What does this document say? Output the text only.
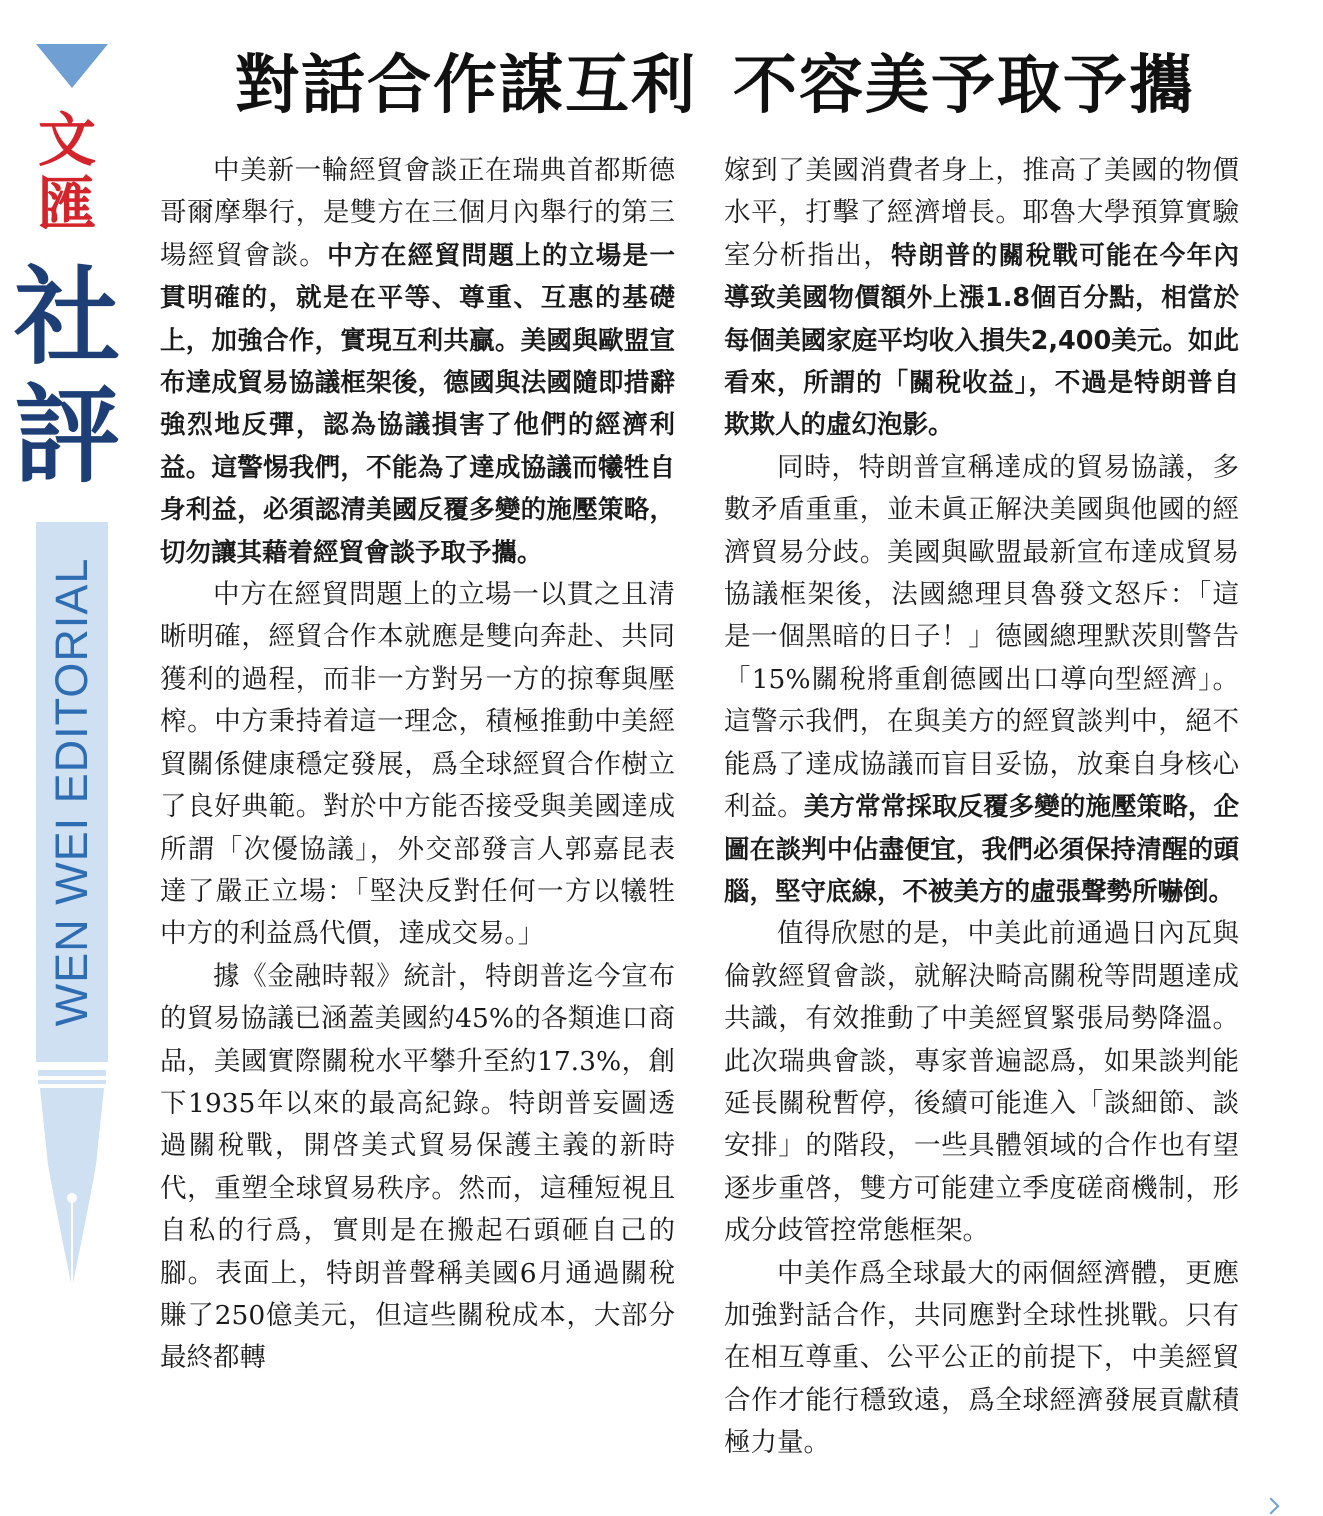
文
匯
社
評
WEN WEI EDITORIAL
對話合作謀互利 不容美予取予攜

中美新一輪經貿會談正在瑞典首都斯德哥爾摩舉行，是雙方在三個月內舉行的第三場經貿會談。中方在經貿問題上的立場是一貫明確的，就是在平等、尊重、互惠的基礎上，加強合作，實現互利共贏。美國與歐盟宣布達成貿易協議框架後，德國與法國隨即措辭強烈地反彈，認為協議損害了他們的經濟利益。這警惕我們，不能為了達成協議而犧牲自身利益，必須認清美國反覆多變的施壓策略，切勿讓其藉着經貿會談予取予攜。

中方在經貿問題上的立場一以貫之且清晰明確，經貿合作本就應是雙向奔赴、共同獲利的過程，而非一方對另一方的掠奪與壓榨。中方秉持着這一理念，積極推動中美經貿關係健康穩定發展，爲全球經貿合作樹立了良好典範。對於中方能否接受與美國達成所謂「次優協議」，外交部發言人郭嘉昆表達了嚴正立場：「堅決反對任何一方以犧牲中方的利益爲代價，達成交易。」

據《金融時報》統計，特朗普迄今宣布的貿易協議已涵蓋美國約45%的各類進口商品，美國實際關稅水平攀升至約17.3%，創下1935年以來的最高紀錄。特朗普妄圖透過關稅戰，開啓美式貿易保護主義的新時代，重塑全球貿易秩序。然而，這種短視且自私的行爲，實則是在搬起石頭砸自己的腳。表面上，特朗普聲稱美國6月通過關稅賺了250億美元，但這些關稅成本，大部分最終都轉

嫁到了美國消費者身上，推高了美國的物價水平，打擊了經濟增長。耶魯大學預算實驗室分析指出，特朗普的關稅戰可能在今年內導致美國物價額外上漲1.8個百分點，相當於每個美國家庭平均收入損失2,400美元。如此看來，所謂的「關稅收益」，不過是特朗普自欺欺人的虛幻泡影。

同時，特朗普宣稱達成的貿易協議，多數矛盾重重，並未眞正解決美國與他國的經濟貿易分歧。美國與歐盟最新宣布達成貿易協議框架後，法國總理貝魯發文怒斥：「這是一個黑暗的日子！」德國總理默茨則警告「15%關稅將重創德國出口導向型經濟」。這警示我們，在與美方的經貿談判中，絕不能爲了達成協議而盲目妥協，放棄自身核心利益。美方常常採取反覆多變的施壓策略，企圖在談判中佔盡便宜，我們必須保持清醒的頭腦，堅守底線，不被美方的虛張聲勢所嚇倒。

值得欣慰的是，中美此前通過日內瓦與倫敦經貿會談，就解決畸高關稅等問題達成共識，有效推動了中美經貿緊張局勢降溫。此次瑞典會談，專家普遍認爲，如果談判能延長關稅暫停，後續可能進入「談細節、談安排」的階段，一些具體領域的合作也有望逐步重啓，雙方可能建立季度磋商機制，形成分歧管控常態框架。

中美作爲全球最大的兩個經濟體，更應加強對話合作，共同應對全球性挑戰。只有在相互尊重、公平公正的前提下，中美經貿合作才能行穩致遠，爲全球經濟發展貢獻積極力量。
